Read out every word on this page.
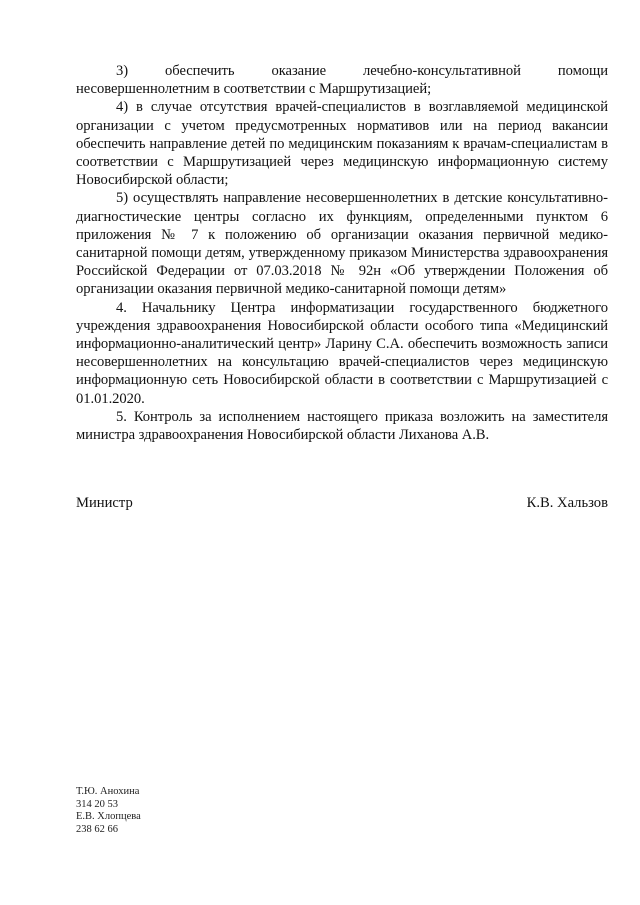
3) обеспечить оказание лечебно-консультативной помощи несовершеннолетним в соответствии с Маршрутизацией;

4) в случае отсутствия врачей-специалистов в возглавляемой медицинской организации с учетом предусмотренных нормативов или на период вакансии обеспечить направление детей по медицинским показаниям к врачам-специалистам в соответствии с Маршрутизацией через медицинскую информационную систему Новосибирской области;

5) осуществлять направление несовершеннолетних в детские консультативно-диагностические центры согласно их функциям, определенными пунктом 6 приложения № 7 к положению об организации оказания первичной медико-санитарной помощи детям, утвержденному приказом Министерства здравоохранения Российской Федерации от 07.03.2018 № 92н «Об утверждении Положения об организации оказания первичной медико-санитарной помощи детям»

4. Начальнику Центра информатизации государственного бюджетного учреждения здравоохранения Новосибирской области особого типа «Медицинский информационно-аналитический центр» Ларину С.А. обеспечить возможность записи несовершеннолетних на консультацию врачей-специалистов через медицинскую информационную сеть Новосибирской области в соответствии с Маршрутизацией с 01.01.2020.

5. Контроль за исполнением настоящего приказа возложить на заместителя министра здравоохранения Новосибирской области Лиханова А.В.

Министр	К.В. Хальзов
Т.Ю. Анохина
314 20 53
Е.В. Хлопцева
238 62 66
